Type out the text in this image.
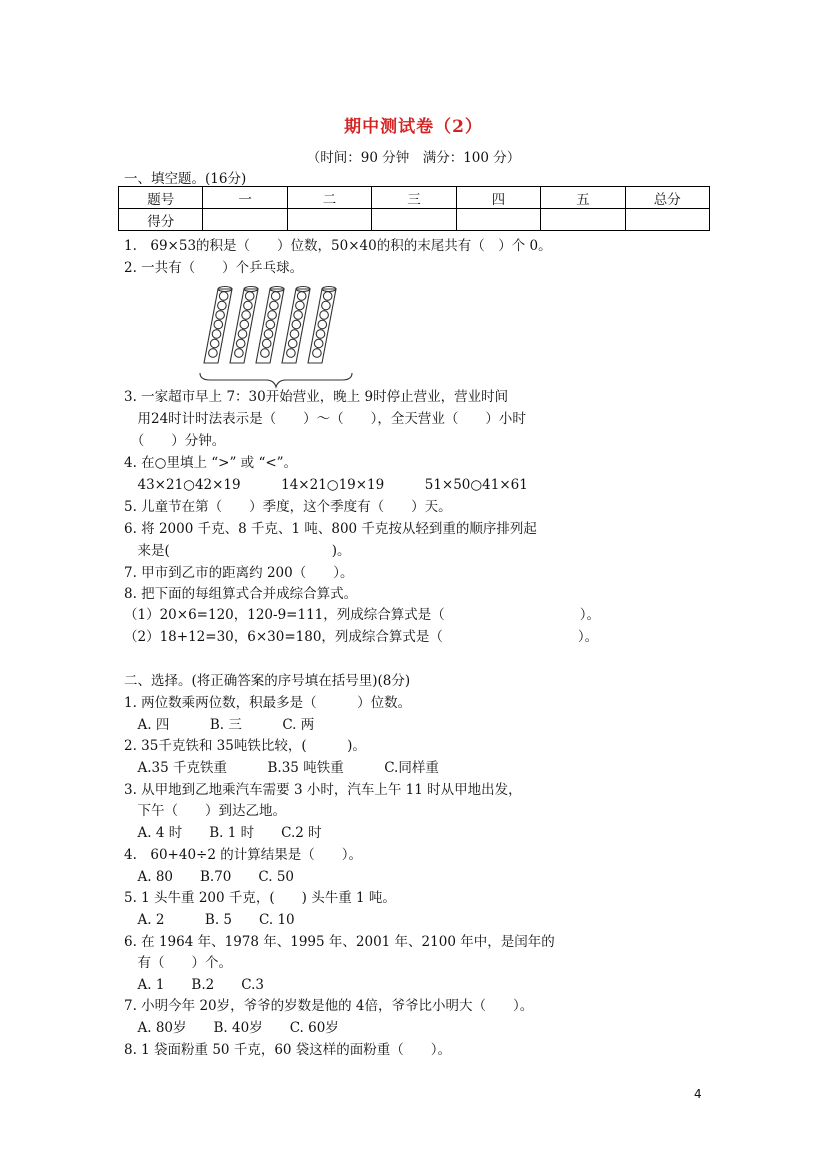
期中测试卷（2）
（时间：90 分钟　满分：100 分）
一、填空题。(16分)
题号	一	二	三	四	五	总分
得分						
1.　69×53的积是（　　）位数，50×40的积的末尾共有（　）个 0。
2. 一共有（　　）个乒乓球。
3. 一家超市早上 7：30开始营业，晚上 9时停止营业，营业时间
　用24时计时法表示是（　　）～（　　），全天营业（　　）小时
　（　　）分钟。
4. 在○里填上 “>” 或 “<”。
　43×21○42×19　　　14×21○19×19　　　51×50○41×61
5. 儿童节在第（　　）季度，这个季度有（　　）天。
6. 将 2000 千克、8 千克、1 吨、800 千克按从轻到重的顺序排列起
　来是(　　　　　　　　　　　　)。
7. 甲市到乙市的距离约 200（　　）。
8. 把下面的每组算式合并成综合算式。
（1）20×6=120，120-9=111，列成综合算式是（　　　　　　　　　　）。
（2）18+12=30，6×30=180，列成综合算式是（　　　　　　　　　　）。
二、选择。(将正确答案的序号填在括号里)(8分)
1. 两位数乘两位数，积最多是（　　　）位数。
　A. 四　　　B. 三　　　C. 两
2. 35千克铁和 35吨铁比较，(　　　)。
　A.35 千克铁重　　　B.35 吨铁重　　　C.同样重
3. 从甲地到乙地乘汽车需要 3 小时，汽车上午 11 时从甲地出发，
　下午（　　）到达乙地。
　A. 4 时　　B. 1 时　　C.2 时
4.　60+40÷2 的计算结果是（　　）。
　A. 80　　B.70　　C. 50
5. 1 头牛重 200 千克，(　　) 头牛重 1 吨。
　A. 2　　　B. 5　　C. 10
6. 在 1964 年、1978 年、1995 年、2001 年、2100 年中，是闰年的
　有（　　）个。
　A. 1　　B.2　　C.3
7. 小明今年 20岁，爷爷的岁数是他的 4倍，爷爷比小明大（　　）。
　A. 80岁　　B. 40岁　　C. 60岁
8. 1 袋面粉重 50 千克，60 袋这样的面粉重（　　）。
4
